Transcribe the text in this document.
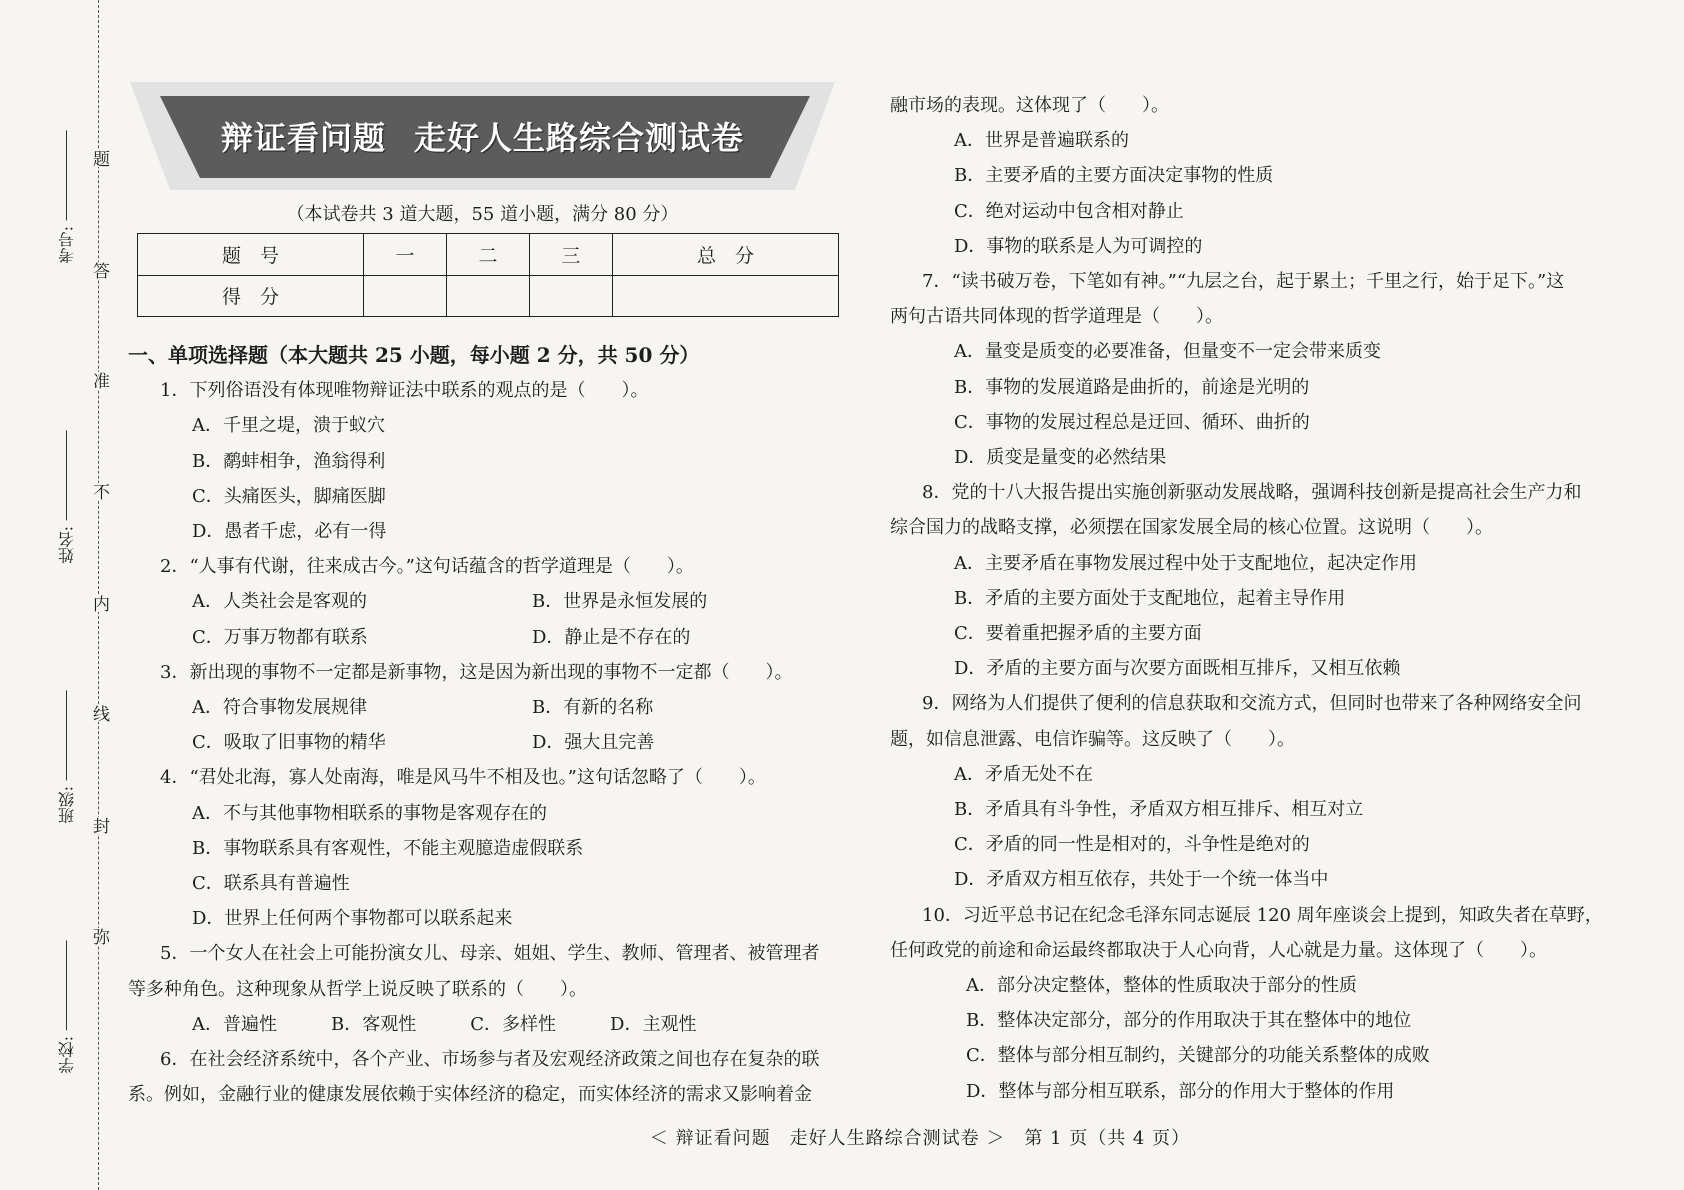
题
答
准
不
内
线
封
弥
考号:
姓名:
班级:
学校:
辩证看问题 走好人生路综合测试卷
（本试卷共 3 道大题，55 道小题，满分 80 分）
题　号	一	二	三	总　分
得　分				

一、单项选择题（本大题共 25 小题，每小题 2 分，共 50 分）

1．下列俗语没有体现唯物辩证法中联系的观点的是（　　）。

A．千里之堤，溃于蚁穴

B．鹬蚌相争，渔翁得利

C．头痛医头，脚痛医脚

D．愚者千虑，必有一得

2．“人事有代谢，往来成古今。”这句话蕴含的哲学道理是（　　）。

A．人类社会是客观的	B．世界是永恒发展的

C．万事万物都有联系	D．静止是不存在的

3．新出现的事物不一定都是新事物，这是因为新出现的事物不一定都（　　）。

A．符合事物发展规律	B．有新的名称

C．吸取了旧事物的精华	D．强大且完善

4．“君处北海，寡人处南海，唯是风马牛不相及也。”这句话忽略了（　　）。

A．不与其他事物相联系的事物是客观存在的

B．事物联系具有客观性，不能主观臆造虚假联系

C．联系具有普遍性

D．世界上任何两个事物都可以联系起来

5．一个女人在社会上可能扮演女儿、母亲、姐姐、学生、教师、管理者、被管理者

等多种角色。这种现象从哲学上说反映了联系的（　　）。

A．普遍性	B．客观性	C．多样性	D．主观性

6．在社会经济系统中，各个产业、市场参与者及宏观经济政策之间也存在复杂的联

系。例如，金融行业的健康发展依赖于实体经济的稳定，而实体经济的需求又影响着金

融市场的表现。这体现了（　　）。

A．世界是普遍联系的

B．主要矛盾的主要方面决定事物的性质

C．绝对运动中包含相对静止

D．事物的联系是人为可调控的

7．“读书破万卷，下笔如有神。”“九层之台，起于累土；千里之行，始于足下。”这

两句古语共同体现的哲学道理是（　　）。

A．量变是质变的必要准备，但量变不一定会带来质变

B．事物的发展道路是曲折的，前途是光明的

C．事物的发展过程总是迂回、循环、曲折的

D．质变是量变的必然结果

8．党的十八大报告提出实施创新驱动发展战略，强调科技创新是提高社会生产力和

综合国力的战略支撑，必须摆在国家发展全局的核心位置。这说明（　　）。

A．主要矛盾在事物发展过程中处于支配地位，起决定作用

B．矛盾的主要方面处于支配地位，起着主导作用

C．要着重把握矛盾的主要方面

D．矛盾的主要方面与次要方面既相互排斥，又相互依赖

9．网络为人们提供了便利的信息获取和交流方式，但同时也带来了各种网络安全问

题，如信息泄露、电信诈骗等。这反映了（　　）。

A．矛盾无处不在

B．矛盾具有斗争性，矛盾双方相互排斥、相互对立

C．矛盾的同一性是相对的，斗争性是绝对的

D．矛盾双方相互依存，共处于一个统一体当中

10．习近平总书记在纪念毛泽东同志诞辰 120 周年座谈会上提到，知政失者在草野，

任何政党的前途和命运最终都取决于人心向背，人心就是力量。这体现了（　　）。

A．部分决定整体，整体的性质取决于部分的性质

B．整体决定部分，部分的作用取决于其在整体中的地位

C．整体与部分相互制约，关键部分的功能关系整体的成败

D．整体与部分相互联系，部分的作用大于整体的作用

＜ 辩证看问题　走好人生路综合测试卷 ＞　第 1 页（共 4 页）
